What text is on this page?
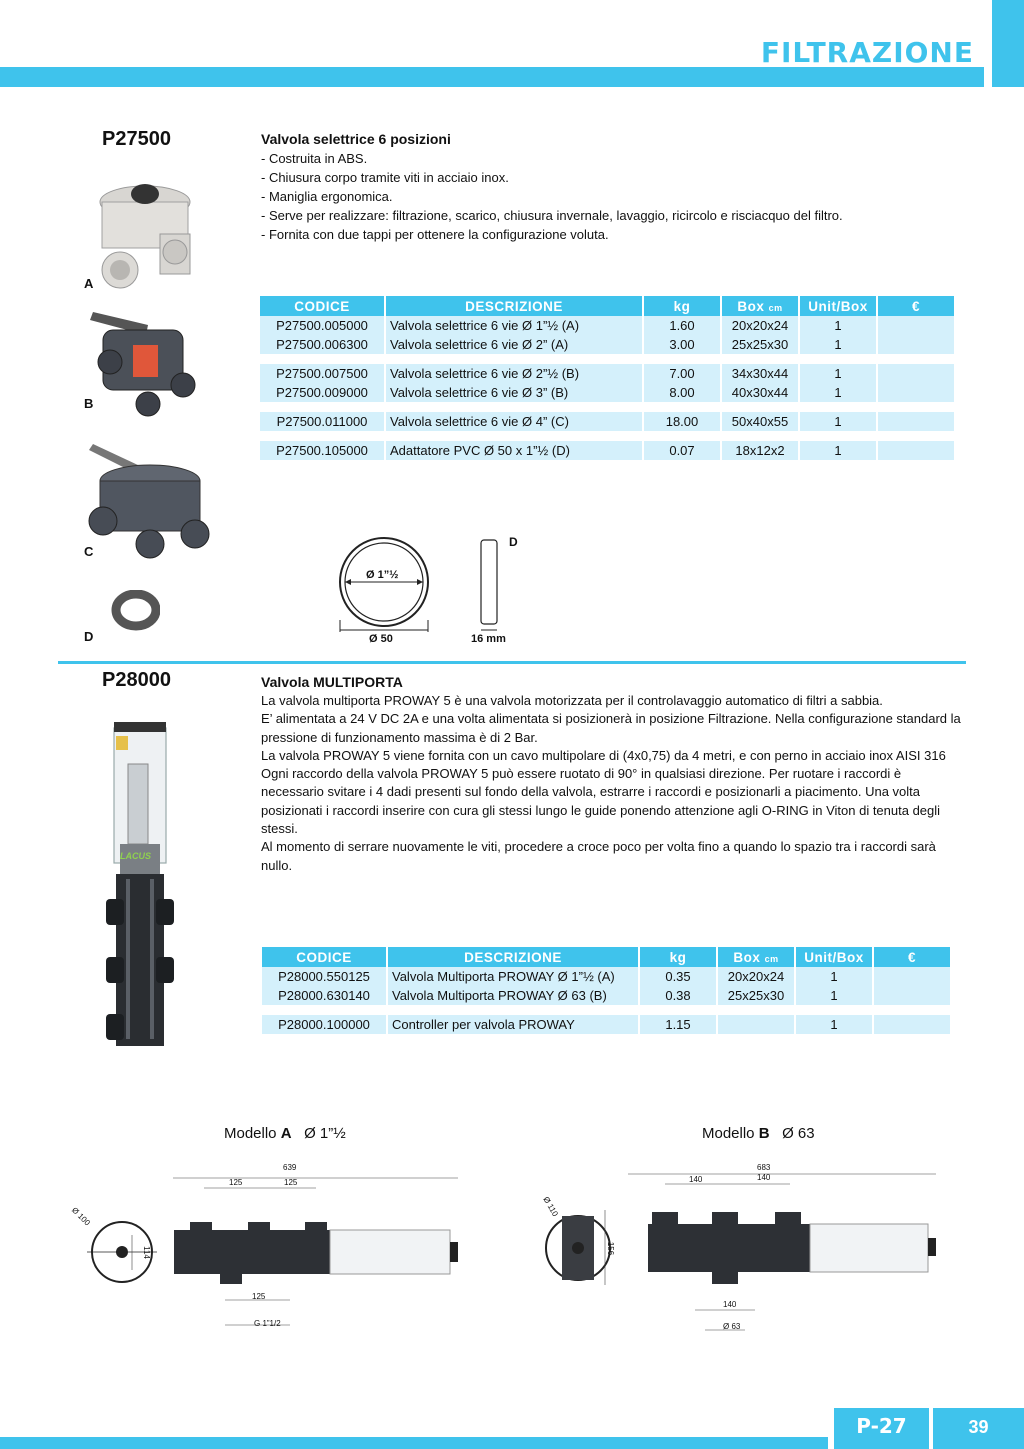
FILTRAZIONE
P27500	Valvola selettrice 6 posizioni
- Costruita in ABS.
- Chiusura corpo tramite viti in acciaio inox.
- Maniglia ergonomica.
- Serve per realizzare: filtrazione, scarico, chiusura invernale, lavaggio, ricircolo e risciacquo del filtro.
- Fornita con due tappi per ottenere la configurazione voluta.
A
B
C
D
CODICE	DESCRIZIONE	kg	Box cm	Unit/Box	€
P27500.005000	Valvola selettrice 6 vie Ø 1”½ (A)	1.60	20x20x24	1	
P27500.006300	Valvola selettrice 6 vie Ø 2” (A)	3.00	25x25x30	1	

P27500.007500	Valvola selettrice 6 vie Ø 2”½ (B)	7.00	34x30x44	1	
P27500.009000	Valvola selettrice 6 vie Ø 3” (B)	8.00	40x30x44	1	

P27500.011000	Valvola selettrice 6 vie Ø 4” (C)	18.00	50x40x55	1	

P27500.105000	Adattatore PVC Ø 50 x 1”½ (D)	0.07	18x12x2	1	
Ø 1”½
Ø 50	16 mm
D
P28000	Valvola MULTIPORTA
La valvola multiporta PROWAY 5 è una valvola motorizzata per il controlavaggio automatico di filtri a sabbia.
E’ alimentata a 24 V DC 2A e una volta alimentata si posizionerà in posizione Filtrazione. Nella configurazione standard la pressione di funzionamento massima è di 2 Bar.
La valvola PROWAY 5 viene fornita con un cavo multipolare di (4x0,75) da 4 metri, e con perno in acciaio inox AISI 316
Ogni raccordo della valvola PROWAY 5 può essere ruotato di 90° in qualsiasi direzione. Per ruotare i raccordi è necessario svitare i 4 dadi presenti sul fondo della valvola, estrarre i raccordi e posizionarli a piacimento. Una volta posizionati i raccordi inserire con cura gli stessi lungo le guide ponendo attenzione agli O-RING in Viton di tenuta degli stessi.
Al momento di serrare nuovamente le viti, procedere a croce poco per volta fino a quando lo spazio tra i raccordi sarà nullo.
LACUS
CODICE	DESCRIZIONE	kg	Box cm	Unit/Box	€
P28000.550125	Valvola Multiporta PROWAY Ø 1”½ (A)	0.35	20x20x24	1	
P28000.630140	Valvola Multiporta PROWAY Ø 63 (B)	0.38	25x25x30	1	

P28000.100000	Controller per valvola PROWAY	1.15		1	
Modello A Ø 1”½	Modello B Ø 63
639
125	125
125
G 1”1/2
Ø 100
114
683
140	140
140
Ø 63
Ø 110
156
P-27	39
